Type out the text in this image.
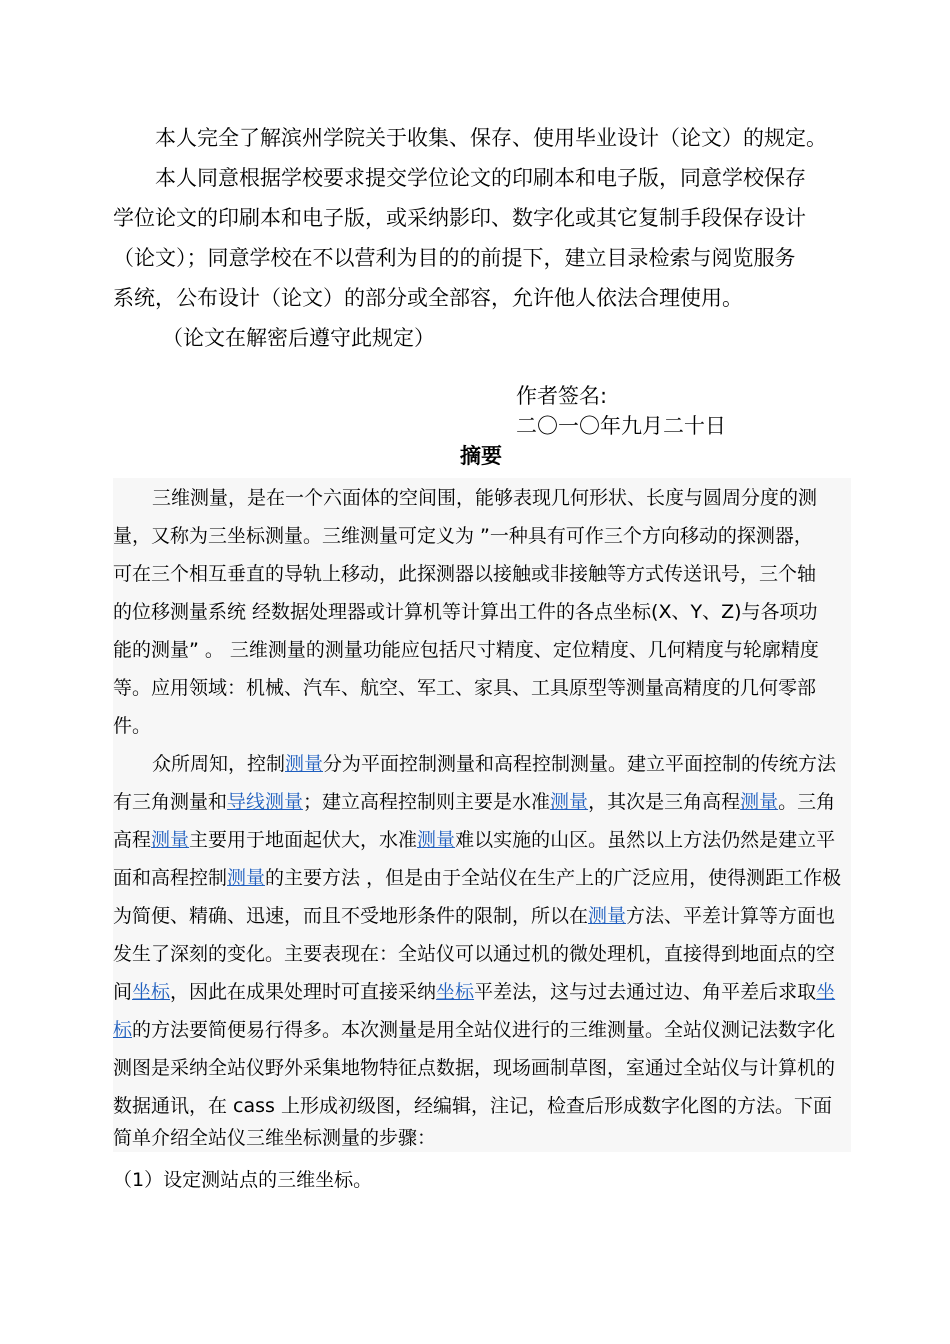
本人完全了解滨州学院关于收集、保存、使用毕业设计（论文）的规定。
本人同意根据学校要求提交学位论文的印刷本和电子版，同意学校保存
学位论文的印刷本和电子版，或采纳影印、数字化或其它复制手段保存设计
（论文）；同意学校在不以营利为目的的前提下，建立目录检索与阅览服务
系统，公布设计（论文）的部分或全部容，允许他人依法合理使用。
（论文在解密后遵守此规定）
作者签名:
二〇一〇年九月二十日
摘要
三维测量，是在一个六面体的空间围，能够表现几何形状、长度与圆周分度的测
量，又称为三坐标测量。三维测量可定义为 ”一种具有可作三个方向移动的探测器，
可在三个相互垂直的导轨上移动，此探测器以接触或非接触等方式传送讯号，三个轴
的位移测量系统 经数据处理器或计算机等计算出工件的各点坐标(X、Y、Z)与各项功
能的测量” 。 三维测量的测量功能应包括尺寸精度、定位精度、几何精度与轮廓精度
等。应用领域：机械、汽车、航空、军工、家具、工具原型等测量高精度的几何零部
件。
众所周知，控制测量分为平面控制测量和高程控制测量。建立平面控制的传统方法
有三角测量和导线测量；建立高程控制则主要是水准测量，其次是三角高程测量。三角
高程测量主要用于地面起伏大，水准测量难以实施的山区。虽然以上方法仍然是建立平
面和高程控制测量的主要方法 ，但是由于全站仪在生产上的广泛应用，使得测距工作极
为简便、精确、迅速，而且不受地形条件的限制，所以在测量方法、平差计算等方面也
发生了深刻的变化。主要表现在：全站仪可以通过机的微处理机，直接得到地面点的空
间坐标，因此在成果处理时可直接采纳坐标平差法，这与过去通过边、角平差后求取坐
标的方法要简便易行得多。本次测量是用全站仪进行的三维测量。全站仪测记法数字化
测图是采纳全站仪野外采集地物特征点数据，现场画制草图，室通过全站仪与计算机的
数据通讯，在 cass 上形成初级图，经编辑，注记，检查后形成数字化图的方法。下面
简单介绍全站仪三维坐标测量的步骤：
（1）设定测站点的三维坐标。
